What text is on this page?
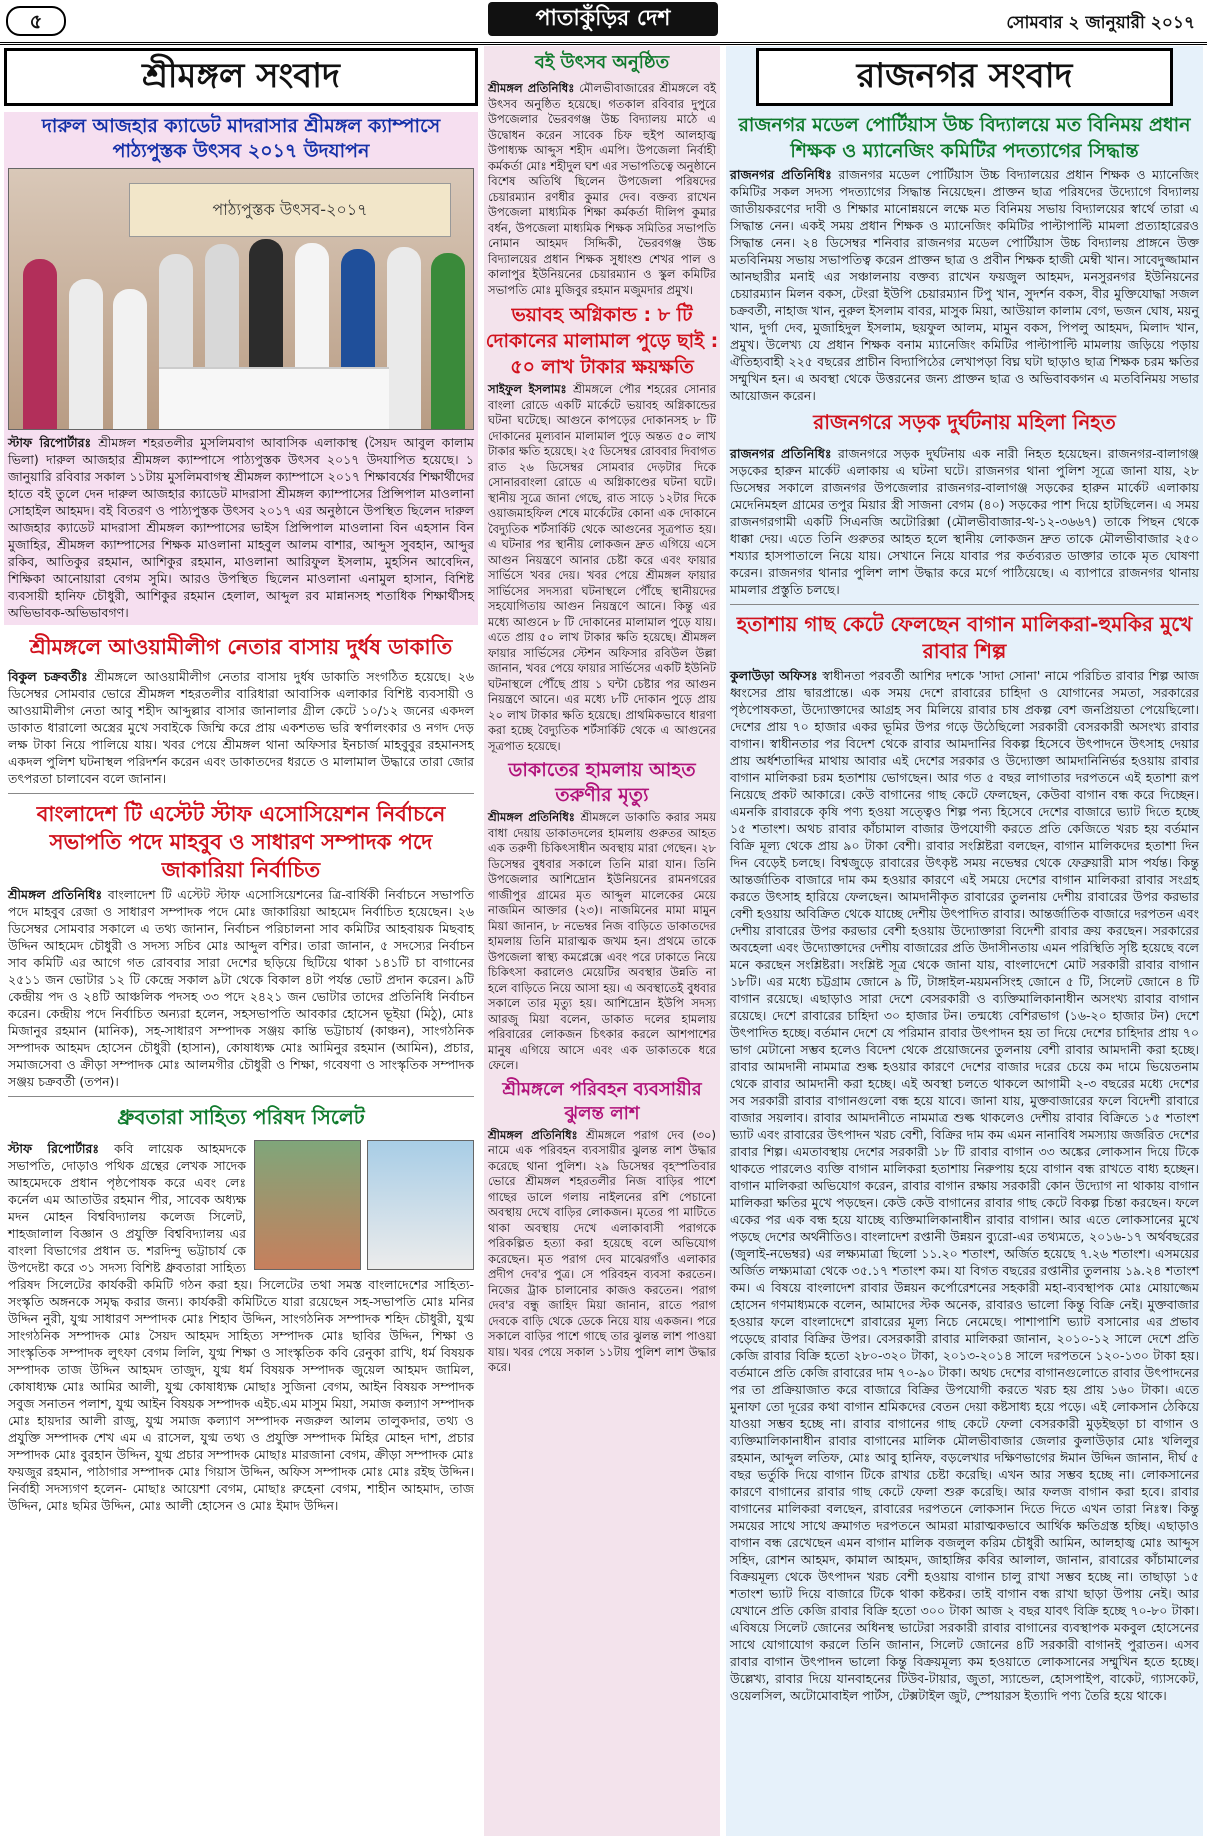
৫	পাতাকুঁড়ির দেশ	সোমবার ২ জানুয়ারী ২০১৭
শ্রীমঙ্গল সংবাদ
দারুল আজহার ক্যাডেট মাদরাসার শ্রীমঙ্গল ক্যাম্পাসে পাঠ্যপুস্তক উৎসব ২০১৭ উদযাপন
পাঠ্যপুস্তক উৎসব-২০১৭

স্টাফ রিপোর্টারঃ শ্রীমঙ্গল শহরতলীর মুসলিমবাগ আবাসিক এলাকাস্থ (সৈয়দ আবুল কালাম ভিলা) দারুল আজহার শ্রীমঙ্গল ক্যাম্পাসে পাঠ্যপুস্তক উৎসব ২০১৭ উদযাপিত হয়েছে। ১ জানুয়ারি রবিবার সকাল ১১টায় মুসলিমবাগস্থ শ্রীমঙ্গল ক্যাম্পাসে ২০১৭ শিক্ষাবর্ষের শিক্ষার্থীদের হাতে বই তুলে দেন দারুল আজহার ক্যাডেট মাদরাসা শ্রীমঙ্গল ক্যাম্পাসের প্রিন্সিপাল মাওলানা সোহাইল আহমদ। বই বিতরণ ও পাঠ্যপুস্তক উৎসব ২০১৭ এর অনুষ্ঠানে উপস্থিত ছিলেন দারুল আজহার ক্যাডেট মাদরাসা শ্রীমঙ্গল ক্যাম্পাসের ভাইস প্রিন্সিপাল মাওলানা বিন এহসান বিন মুজাহির, শ্রীমঙ্গল ক্যাম্পাসের শিক্ষক মাওলানা মাহবুল আলম বাশার, আব্দুস সুবহান, আব্দুর রকিব, আতিকুর রহমান, আশিকুর রহমান, মাওলানা আরিফুল ইসলাম, মুহসিন আবেদিন, শিক্ষিকা আনোয়ারা বেগম সুমি। আরও উপস্থিত ছিলেন মাওলানা এনামুল হাসান, বিশিষ্ট ব্যবসায়ী হানিফ চৌধুরী, আশিকুর রহমান হেলাল, আব্দুল রব মান্নানসহ শতাধিক শিক্ষার্থীসহ অভিভাবক-অভিভাবগণ।

শ্রীমঙ্গলে আওয়ামীলীগ নেতার বাসায় দুর্ধষ ডাকাতি

বিকুল চক্রবর্তীঃ শ্রীমঙ্গলে আওয়ামীলীগ নেতার বাসায় দুর্ধষ ডাকাতি সংগঠিত হয়েছে। ২৬ ডিসেম্বর সোমবার ভোরে শ্রীমঙ্গল শহরতলীর বারিধারা আবাসিক এলাকার বিশিষ্ট ব্যবসায়ী ও আওয়ামীলীগ নেতা আবু শহীদ আব্দুল্লার বাসার জানালার গ্রীল কেটে ১০/১২ জনের একদল ডাকাত ধারালো অস্ত্রের মুখে সবাইকে জিম্মি করে প্রায় একশতভ ভরি স্বর্ণালংকার ও নগদ দেড় লক্ষ টাকা নিয়ে পালিয়ে যায়। খবর পেয়ে শ্রীমঙ্গল থানা অফিসার ইনচার্জ মাহবুবুর রহমানসহ একদল পুলিশ ঘটনাস্থল পরিদর্শন করেন এবং ডাকাতদের ধরতে ও মালামাল উদ্ধারে তারা জোর তৎপরতা চালাবেন বলে জানান।

বাংলাদেশ টি এস্টেট স্টাফ এসোসিয়েশন নির্বাচনে সভাপতি পদে মাহবুব ও সাধারণ সম্পাদক পদে জাকারিয়া নির্বাচিত

শ্রীমঙ্গল প্রতিনিধিঃ বাংলাদেশ টি এস্টেট স্টাফ এসোসিয়েশনের ত্রি-বার্ষিকী নির্বাচনে সভাপতি পদে মাহবুব রেজা ও সাধারণ সম্পাদক পদে মোঃ জাকারিয়া আহমেদ নির্বাচিত হয়েছেন। ২৬ ডিসেম্বর সোমবার সকালে এ তথ্য জানান, নির্বাচন পরিচালনা সাব কমিটির আহবায়ক মিছবাহ উদ্দিন আহমেদ চৌধুরী ও সদস্য সচিব মোঃ আব্দুল বশির। তারা জানান, ৫ সদস্যের নির্বাচন সাব কমিটি এর আগে গত রোববার সারা দেশের ছড়িয়ে ছিটিয়ে থাকা ১৪১টি চা বাগানের ২৫১১ জন ভোটার ১২ টি কেন্দ্রে সকাল ৯টা থেকে বিকাল ৪টা পর্যন্ত ভোট প্রদান করেন। ৯টি কেন্দ্রীয় পদ ও ২৪টি আঞ্চলিক পদসহ ৩৩ পদে ২৪২১ জন ভোটার তাদের প্রতিনিধি নির্বাচন করেন। কেন্দ্রীয় পদে নির্বাচিত অন্যরা হলেন, সহসভাপতি আবকার হোসেন ভূইয়া (মিঠু), মোঃ মিজানুর রহমান (মানিক), সহ-সাধারণ সম্পাদক সঞ্জয় কান্তি ভট্টাচার্য (কাঞ্চন), সাংগঠনিক সম্পাদক আহমদ হোসেন চৌধুরী (হাসান), কোষাধ্যক্ষ মোঃ আমিনুর রহমান (আমিন), প্রচার, সমাজসেবা ও ক্রীড়া সম্পাদক মোঃ আলমগীর চৌধুরী ও শিক্ষা, গবেষণা ও সাংস্কৃতিক সম্পাদক সঞ্জয় চক্রবর্তী (তপন)।

ধ্রুবতারা সাহিত্য পরিষদ সিলেট

স্টাফ রিপোর্টারঃ কবি লায়েক আহমদকে সভাপতি, দোড়াও পথিক গ্রন্থের লেখক সাদেক আহমেদকে প্রধান পৃষ্ঠপোষক করে এবং লেঃ কর্নেল এম আতাউর রহমান পীর, সাবেক অধ্যক্ষ মদন মোহন বিশ্ববিদ্যালয় কলেজ সিলেট, শাহজালাল বিজ্ঞান ও প্রযুক্তি বিশ্ববিদ্যালয় এর বাংলা বিভাগের প্রধান ড. শরদিন্দু ভট্টাচার্য কে উপদেষ্টা করে ৩১ সদস্য বিশিষ্ট ধ্রুবতারা সাহিত্য পরিষদ সিলেটের কার্যকরী কমিটি গঠন করা হয়। সিলেটের তথা সমস্ত বাংলাদেশের সাহিত্য-সংস্কৃতি অঙ্গনকে সমৃদ্ধ করার জন্য। কার্যকরী কমিটিতে যারা রয়েছেন সহ-সভাপতি মোঃ মনির উদ্দিন নুরী, যুগ্ম সাধারণ সম্পাদক মোঃ শিহাব উদ্দিন, সাংগঠনিক সম্পাদক শহিদ চৌধুরী, যুগ্ম সাংগঠনিক সম্পাদক মোঃ সৈয়দ আহমদ সাহিত্য সম্পাদক মোঃ ছাবির উদ্দিন, শিক্ষা ও সাংস্কৃতিক সম্পাদক লুৎফা বেগম লিলি, যুগ্ম শিক্ষা ও সাংস্কৃতিক কবি রেনুকা রাখি, ধর্ম বিষয়ক সম্পাদক তাজ উদ্দিন আহমদ তাজুদ, যুগ্ম ধর্ম বিষয়ক সম্পাদক জুয়েল আহমদ জামিল, কোষাধ্যক্ষ মোঃ আমির আলী, যুগ্ম কোষাধ্যক্ষ মোছাঃ সুজিনা বেগম, আইন বিষয়ক সম্পাদক সবুজ সনাতন পলাশ, যুগ্ম আইন বিষয়ক সম্পাদক এইচ.এম মাসুম মিয়া, সমাজ কল্যাণ সম্পাদক মোঃ হায়দার আলী রাজু, যুগ্ম সমাজ কল্যাণ সম্পাদক নজরুল আলম তালুকদার, তথ্য ও প্রযুক্তি সম্পাদক শেখ এম এ রাসেল, যুগ্ম তথ্য ও প্রযুক্তি সম্পাদক মিহির মোহন দাশ, প্রচার সম্পাদক মোঃ বুরহান উদ্দিন, যুগ্ম প্রচার সম্পাদক মোছাঃ মারজানা বেগম, ক্রীড়া সম্পাদক মোঃ ফয়জুর রহমান, পাঠাগার সম্পাদক মোঃ গিয়াস উদ্দিন, অফিস সম্পাদক মোঃ মোঃ রইছ উদ্দিন। নির্বাহী সদস্যগণ হলেন- মোছাঃ আয়েশা বেগম, মোছাঃ রুহেনা বেগম, শাহীন আহমাদ, তাজ উদ্দিন, মোঃ ছমির উদ্দিন, মোঃ আলী হোসেন ও মোঃ ইমাদ উদ্দিন।

বই উৎসব অনুষ্ঠিত

শ্রীমঙ্গল প্রতিনিধিঃ মৌলভীবাজারের শ্রীমঙ্গলে বই উৎসব অনুষ্ঠিত হয়েছে। গতকাল রবিবার দুপুরে উপজেলার ভৈরবগঞ্জ উচ্চ বিদ্যালয় মাঠে এ উদ্বোধন করেন সাবেক চিফ হুইপ আলহাজ্ব উপাধ্যক্ষ আব্দুস শহীদ এমপি। উপজেলা নির্বাহী কর্মকর্তা মোঃ শহীদুল ঘশ এর সভাপতিত্বে অনুষ্ঠানে বিশেষ অতিথি ছিলেন উপজেলা পরিষদের চেয়ারম্যান রণধীর কুমার দেব। বক্তব্য রাখেন উপজেলা মাধ্যমিক শিক্ষা কর্মকর্তা দীলিপ কুমার বর্ধন, উপজেলা মাধ্যমিক শিক্ষক সমিতির সভাপতি নোমান আহমদ সিদ্দিকী, ভৈরবগঞ্জ উচ্চ বিদ্যালয়ের প্রধান শিক্ষক সুধাংশু শেখর পাল ও কালাপুর ইউনিয়নের চেয়ারম্যান ও স্কুল কমিটির সভাপতি মোঃ মুজিবুর রহমান মজুমদার প্রমুখ।

ভয়াবহ অগ্নিকান্ড : ৮ টি দোকানের মালামাল পুড়ে ছাই : ৫০ লাখ টাকার ক্ষয়ক্ষতি

সাইফুল ইসলামঃ শ্রীমঙ্গলে পৌর শহরের সোনার বাংলা রোডে একটি মার্কেটে ভয়াবহ অগ্নিকান্ডের ঘটনা ঘটেছে। আগুনে কাপড়ের দোকানসহ ৮ টি দোকানের মূল্যবান মালামাল পুড়ে অন্তত ৫০ লাখ টাকার ক্ষতি হয়েছে। ২৫ ডিসেম্বর রোববার দিবাগত রাত ২৬ ডিসেম্বর সোমবার দেড়টার দিকে সোনারবাংলা রোডে এ অগ্নিকাণ্ডের ঘটনা ঘটে। স্থানীয় সূত্রে জানা গেছে, রাত সাড়ে ১২টার দিকে ওয়াজমাহফিল শেষে মার্কেটের কোনা এক দোকানে বৈদ্যুতিক শর্টসার্কিট থেকে আগুনের সূত্রপাত হয়। এ ঘটনার পর স্থানীয় লোকজন দ্রুত এগিয়ে এসে আগুন নিয়ন্ত্রণে আনার চেষ্টা করে এবং ফায়ার সার্ভিসে খবর দেয়। খবর পেয়ে শ্রীমঙ্গল ফায়ার সার্ভিসের সদস্যরা ঘটনাস্থলে পৌঁছে স্থানীয়দের সহযোগিতায় আগুন নিয়ন্ত্রণে আনে। কিন্তু এর মধ্যে আগুনে ৮ টি দোকানের মালামাল পুড়ে যায়। এতে প্রায় ৫০ লাখ টাকার ক্ষতি হয়েছে। শ্রীমঙ্গল ফায়ার সার্ভিসের স্টেশন অফিসার রবিউল উল্লা জানান, খবর পেয়ে ফায়ার সার্ভিসের একটি ইউনিট ঘটনাস্থলে পৌঁছে প্রায় ১ ঘন্টা চেষ্টার পর আগুন নিয়ন্ত্রণে আনে। এর মধ্যে ৮টি দোকান পুড়ে প্রায় ২০ লাখ টাকার ক্ষতি হয়েছে। প্রাথমিকভাবে ধারণা করা হচ্ছে বৈদ্যুতিক শর্টসার্কিট থেকে এ আগুনের সূত্রপাত হয়েছে।

ডাকাতের হামলায় আহত তরুণীর মৃত্যু

শ্রীমঙ্গল প্রতিনিধিঃ শ্রীমঙ্গলে ডাকাতি করার সময় বাধা দেয়ায় ডাকাতদলের হামলায় গুরুতর আহত এক তরুণী চিকিৎসাধীন অবস্থায় মারা গেছেন। ২৮ ডিসেম্বর বুধবার সকালে তিনি মারা যান। তিনি উপজেলার আশিদ্রোন ইউনিয়নের রামনগরের গাজীপুর গ্রামের মৃত আব্দুল মালেকের মেয়ে নাজমিন আক্তার (২৩)। নাজমিনের মামা মামুন মিয়া জানান, ৮ নভেম্বর নিজ বাড়িতে ডাকাতদের হামলায় তিনি মারাত্মক জখম হন। প্রথমে তাকে উপজেলা স্বাস্থ্য কমপ্লেক্সে এবং পরে ঢাকাতে নিয়ে চিকিৎসা করালেও মেয়েটির অবস্থার উন্নতি না হলে বাড়িতে নিয়ে আসা হয়। এ অবস্থাতেই বুধবার সকালে তার মৃত্যু হয়। আশিদ্রোন ইউপি সদস্য আরজু মিয়া বলেন, ডাকাত দলের হামলায় পরিবারের লোকজন চিৎকার করলে আশপাশের মানুষ এগিয়ে আসে এবং এক ডাকাতকে ধরে ফেলে।

শ্রীমঙ্গলে পরিবহন ব্যবসায়ীর ঝুলন্ত লাশ

শ্রীমঙ্গল প্রতিনিধিঃ শ্রীমঙ্গলে পরাগ দেব (৩০) নামে এক পরিবহন ব্যবসায়ীর ঝুলন্ত লাশ উদ্ধার করেছে থানা পুলিশ। ২৯ ডিসেম্বর বৃহস্পতিবার ভোরে শ্রীমঙ্গল শহরতলীর নিজ বাড়ির পাশে গাছের ডালে গলায় নাইলনের রশি পেচানো অবস্থায় দেখে বাড়ির লোকজন। মৃতের পা মাটিতে থাকা অবস্থায় দেখে এলাকাবাসী পরাগকে পরিকল্পিত হত্যা করা হয়েছে বলে অভিযোগ করেছেন। মৃত পরাগ দেব মাঝেরগাঁও এলাকার প্রদীপ দেব'র পুত্র। সে পরিবহন ব্যবসা করতেন। নিজের ট্রাক চালানোর কাজও করতেন। পরাগ দেব'র বন্ধু জাহিদ মিয়া জানান, রাতে পরাগ দেবকে বাড়ি থেকে ডেকে নিয়ে যায় একজন। পরে সকালে বাড়ির পাশে গাছে তার ঝুলন্ত লাশ পাওয়া যায়। খবর পেয়ে সকাল ১১টায় পুলিশ লাশ উদ্ধার করে।

রাজনগর সংবাদ
রাজনগর মডেল পোর্টিয়াস উচ্চ বিদ্যালয়ে মত বিনিময় প্রধান শিক্ষক ও ম্যানেজিং কমিটির পদত্যাগের সিদ্ধান্ত

রাজনগর প্রতিনিধিঃ রাজনগর মডেল পোর্টিয়াস উচ্চ বিদ্যালয়ের প্রধান শিক্ষক ও ম্যানেজিং কমিটির সকল সদস্য পদত্যাগের সিদ্ধান্ত নিয়েছেন। প্রাক্তন ছাত্র পরিষদের উদ্যোগে বিদ্যালয় জাতীয়করণের দাবী ও শিক্ষার মানোন্নয়নে লক্ষে মত বিনিময় সভায় বিদ্যালয়ের স্বার্থে তারা এ সিদ্ধান্ত নেন। একই সময় প্রধান শিক্ষক ও ম্যানেজিং কমিটির পাল্টাপাল্টি মামলা প্রত্যাহারেরও সিদ্ধান্ত নেন। ২৪ ডিসেম্বর শনিবার রাজনগর মডেল পোর্টিয়াস উচ্চ বিদ্যালয় প্রাঙ্গনে উক্ত মতবিনিময় সভায় সভাপতিত্ব করেন প্রাক্তন ছাত্র ও প্রবীন শিক্ষক হাজী মেম্বী খান। সাবেদুজ্জামান আনছারীর মনাই এর সঞ্চালনায় বক্তব্য রাখেন ফয়জুল আহমদ, মনসুরনগর ইউনিয়নের চেয়ারম্যান মিলন বকস, টেংরা ইউপি চেয়ারম্যান টিপু খান, সুদর্শন বকস, বীর মুক্তিযোদ্ধা সজল চক্রবর্তী, নাহাজ খান, নুরুল ইসলাম বাবর, মাসুক মিয়া, আউয়াল কালাম বেগ, ভজন ঘোষ, ময়নু খান, দুর্গা দেব, মুজাহিদুল ইসলাম, ছয়ফুল আলম, মামুন বকস, পিপলু আহমদ, মিলাদ খান, প্রমুখ। উলেখ্য যে প্রধান শিক্ষক বনাম ম্যানেজিং কমিটির পাল্টাপাল্টি মামলায় জড়িয়ে পড়ায় ঐতিহ্যবাহী ২২৫ বছরের প্রাচীন বিদ্যাপিঠের লেখাপড়া বিঘ্ন ঘটা ছাড়াও ছাত্র শিক্ষক চরম ক্ষতির সম্মুখিন হন। এ অবস্থা থেকে উত্তরনের জন্য প্রাক্তন ছাত্র ও অভিবাবকগন এ মতবিনিময় সভার আয়োজন করেন।

রাজনগরে সড়ক দুর্ঘটনায় মহিলা নিহত

রাজনগর প্রতিনিধিঃ রাজনগরে সড়ক দুর্ঘটনায় এক নারী নিহত হয়েছেন। রাজনগর-বালাগঞ্জ সড়কের হারুন মার্কেট এলাকায় এ ঘটনা ঘটে। রাজনগর থানা পুলিশ সূত্রে জানা যায়, ২৮ ডিসেম্বর সকালে রাজনগর উপজেলার রাজনগর-বালাগঞ্জ সড়কের হারুন মার্কেট এলাকায় মেদেনিমহল গ্রামের তপুর মিয়ার স্ত্রী সাজনা বেগম (৪০) সড়কের পাশ দিয়ে হাটছিলেন। এ সময় রাজনগরগামী একটি সিএনজি অটোরিক্সা (মৌলভীবাজার-থ-১২-৩৬৬৭) তাকে পিছন থেকে ধাক্কা দেয়। এতে তিনি গুরুতর আহত হলে স্থানীয় লোকজন দ্রুত তাকে মৌলভীবাজার ২৫০ শয্যার হাসপাতালে নিয়ে যায়। সেখানে নিয়ে যাবার পর কর্তব্যরত ডাক্তার তাকে মৃত ঘোষণা করেন। রাজনগর থানার পুলিশ লাশ উদ্ধার করে মর্গে পাঠিয়েছে। এ ব্যাপারে রাজনগর থানায় মামলার প্রস্তুতি চলছে।

হতাশায় গাছ কেটে ফেলছেন বাগান মালিকরা-হুমকির মুখে রাবার শিল্প

কুলাউড়া অফিসঃ স্বাধীনতা পরবর্তী আশির দশকে 'সাদা সোনা' নামে পরিচিত রাবার শিল্প আজ ধ্বংসের প্রায় দ্বারপ্রান্তে। এক সময় দেশে রাবারের চাহিদা ও যোগানের সমতা, সরকারের পৃষ্ঠপোষকতা, উদ্যোক্তাদের আগ্রহ সব মিলিয়ে রাবার চাষ প্রকল্প বেশ জনপ্রিয়তা পেয়েছিলো। দেশের প্রায় ৭০ হাজার একর ভূমির উপর গড়ে উঠেছিলো সরকারী বেসরকারী অসংখ্য রাবার বাগান। স্বাধীনতার পর বিদেশ থেকে রাবার আমদানির বিকল্প হিসেবে উৎপাদনে উৎসাহ দেয়ার প্রায় অর্ধশতাব্দির মাথায় আবার এই দেশের সরকার ও উদ্যোক্তা আমদানিনির্ভর হওয়ায় রাবার বাগান মালিকরা চরম হতাশায় ভোগছেন। আর গত ৫ বছর লাগাতার দরপতনে এই হতাশা রূপ নিয়েছে প্রকট আকারে। কেউ বাগানের গাছ কেটে ফেলছেন, কেউবা বাগান বন্ধ করে দিচ্ছেন। এমনকি রাবারকে কৃষি পণ্য হওয়া সত্ত্বেও শিল্প পন্য হিসেবে দেশের বাজারে ভ্যাট দিতে হচ্ছে ১৫ শতাংশ। অথচ রাবার কাঁচামাল বাজার উপযোগী করতে প্রতি কেজিতে খরচ হয় বর্তমান বিক্রি মূল্য থেকে প্রায় ৯০ টাকা বেশী। রাবার সংশ্লিষ্টরা বলছেন, বাগান মালিকদের হতাশা দিন দিন বেড়েই চলছে। বিশ্বজুড়ে রাবারের উৎকৃষ্ট সময় নভেম্বর থেকে ফেব্রুয়ারী মাস পর্যন্ত। কিন্তু আন্তর্জাতিক বাজারে দাম কম হওয়ার কারণে এই সময়ে দেশের বাগান মালিকরা রাবার সংগ্রহ করতে উৎসাহ হারিয়ে ফেলছেন। আমদানীকৃত রাবারের তুলনায় দেশীয় রাবারের উপর করভার বেশী হওয়ায় অবিক্রিত থেকে যাচ্ছে দেশীয় উৎপাদিত রাবার। আন্তর্জাতিক বাজারে দরপতন এবং দেশীয় রাবারের উপর করভার বেশী হওয়ায় উদ্যোক্তারা বিদেশী রাবার ক্রয় করছেন। সরকারের অবহেলা এবং উদ্যোক্তাদের দেশীয় বাজারের প্রতি উদাসীনতায় এমন পরিস্থিতি সৃষ্টি হয়েছে বলে মনে করছেন সংশ্লিষ্টরা। সংশ্লিষ্ট সূত্র থেকে জানা যায়, বাংলাদেশে মোট সরকারী রাবার বাগান ১৮টি। এর মধ্যে চট্টগ্রাম জোনে ৯ টি, টাঙ্গাইল-ময়মনসিংহ জোনে ৫ টি, সিলেট জোনে ৪ টি বাগান রয়েছে। এছাড়াও সারা দেশে বেসরকারী ও ব্যক্তিমালিকানাধীন অসংখ্য রাবার বাগান রয়েছে। দেশে রাবারের চাহিদা ৩০ হাজার টন। তন্মধ্যে বেশিরভাগ (১৬-২০ হাজার টন) দেশে উৎপাদিত হচ্ছে। বর্তমান দেশে যে পরিমান রাবার উৎপাদন হয় তা দিয়ে দেশের চাহিদার প্রায় ৭০ ভাগ মেটানো সম্ভব হলেও বিদেশ থেকে প্রয়োজনের তুলনায় বেশী রাবার আমদানী করা হচ্ছে। রাবার আমদানী নামমাত্র শুল্ক হওয়ার কারণে দেশের বাজার দরের চেয়ে কম দামে ভিয়েতনাম থেকে রাবার আমদানী করা হচ্ছে। এই অবস্থা চলতে থাকলে আগামী ২-৩ বছরের মধ্যে দেশের সব সরকারী রাবার বাগানগুলো বন্ধ হয়ে যাবে। জানা যায়, মুক্তবাজারের ফলে বিদেশী রাবারে বাজার সয়লাব। রাবার আমদানীতে নামমাত্র শুল্ক থাকলেও দেশীয় রাবার বিক্রিতে ১৫ শতাংশ ভ্যাট এবং রাবারের উৎপাদন খরচ বেশী, বিক্রির দাম কম এমন নানাবিধ সমস্যায় জর্জরিত দেশের রাবার শিল্প। এমতাবস্থায় দেশের সরকারী ১৮ টি রাবার বাগান ৩৩ অঙ্কের লোকসান দিয়ে টিকে থাকতে পারলেও ব্যক্তি বাগান মালিকরা হতাশায় নিরুপায় হয়ে বাগান বন্ধ রাখতে বাধ্য হচ্ছেন। বাগান মালিকরা অভিযোগ করেন, রাবার বাগান রক্ষায় সরকারী কোন উদ্যোগ না থাকায় বাগান মালিকরা ক্ষতির মুখে পড়ছেন। কেউ কেউ বাগানের রাবার গাছ কেটে বিকল্প চিন্তা করছেন। ফলে একের পর এক বন্ধ হয়ে যাচ্ছে ব্যক্তিমালিকানাধীন রাবার বাগান। আর এতে লোকসানের মুখে পড়ছে দেশের অর্থনীতিও। বাংলাদেশ রপ্তানী উন্নয়ন ব্যুরো-এর তথ্যমতে, ২০১৬-১৭ অর্থবছরের (জুলাই-নভেম্বর) এর লক্ষ্যমাত্রা ছিলো ১১.২০ শতাংশ, অর্জিত হয়েছে ৭.২৬ শতাংশ। এসময়ের অর্জিত লক্ষ্যমাত্রা থেকে ৩৫.১৭ শতাংশ কম। যা বিগত বছরের রপ্তানীর তুলনায় ১৯.২৪ শতাংশ কম। এ বিষয়ে বাংলাদেশ রাবার উন্নয়ন কর্পোরেশনের সহকারী মহা-ব্যবস্থাপক মোঃ মোয়াজ্জেম হোসেন গণমাধ্যমকে বলেন, আমাদের স্টক অনেক, রাবারও ভালো কিন্তু বিক্রি নেই। মুক্তবাজার হওয়ার ফলে বাংলাদেশে রাবারের মূল্য নিচে নেমেছে। পাশাপাশি ভ্যাট বসানোর এর প্রভাব পড়েছে রাবার বিক্রির উপর। বেসরকারী রাবার মালিকরা জানান, ২০১০-১২ সালে দেশে প্রতি কেজি রাবার বিক্রি হতো ২৮০-৩২০ টাকা, ২০১৩-২০১৪ সালে দরপতনে ১২০-১৩০ টাকা হয়। বর্তমানে প্রতি কেজি রাবারের দাম ৭০-৯০ টাকা। অথচ দেশের বাগানগুলোতে রাবার উৎপাদনের পর তা প্রক্রিয়াজাত করে বাজারে বিক্রির উপযোগী করতে খরচ হয় প্রায় ১৬০ টাকা। এতে মুনাফা তো দূরের কথা বাগান শ্রমিকদের বেতন দেয়া কষ্টসাধ্য হয়ে পড়ে। এই লোকসান ঠেকিয়ে যাওয়া সম্ভব হচ্ছে না। রাবার বাগানের গাছ কেটে ফেলা বেসরকারী মুড়ইছড়া চা বাগান ও ব্যক্তিমালিকানাধীন রাবার বাগানের মালিক মৌলভীবাজার জেলার কুলাউড়ার মোঃ খলিলুর রহমান, আব্দুল লতিফ, মোঃ আবু হানিফ, বড়লেখার দক্ষিণভাগের ঈমান উদ্দিন জানান, দীর্ঘ ৫ বছর ভর্তুকি দিয়ে বাগান টিকে রাখার চেষ্টা করেছি। এখন আর সম্ভব হচ্ছে না। লোকসানের কারণে বাগানের রাবার গাছ কেটে ফেলা শুরু করেছি। আর ফলজ বাগান করা হবে। রাবার বাগানের মালিকরা বলছেন, রাবারের দরপতনে লোকসান দিতে দিতে এখন তারা নিঃস্ব। কিন্তু সময়ের সাথে সাথে ক্রমাগত দরপতনে আমরা মারাত্মকভাবে আর্থিক ক্ষতিগ্রস্ত হচ্ছি। এছাড়াও বাগান বন্ধ রেখেছেন এমন বাগান মালিক বজলুল করিম চৌধুরী আমিন, আলহাজ্ব মোঃ আব্দুস সহিদ, রোশন আহমদ, কামাল আহমদ, জাহাঙ্গির কবির আলাল, জানান, রাবারের কাঁচামালের বিক্রয়মূল্য থেকে উৎপাদন খরচ বেশী হওয়ায় বাগান চালু রাখা সম্ভব হচ্ছে না। তাছাড়া ১৫ শতাংশ ভ্যাট দিয়ে বাজারে টিকে থাকা কষ্টকর। তাই বাগান বন্ধ রাখা ছাড়া উপায় নেই। আর যেখানে প্রতি কেজি রাবার বিক্রি হতো ৩০০ টাকা আজ ২ বছর যাবৎ বিক্রি হচ্ছে ৭০-৮০ টাকা। এবিষয়ে সিলেট জোনের অধিনস্থ ভাটেরা সরকারী রাবার বাগানের ব্যবস্থাপক মকবুল হোসেনের সাথে যোগাযোগ করলে তিনি জানান, সিলেট জোনের ৪টি সরকারী বাগানই পুরাতন। এসব রাবার বাগান উৎপাদন ভালো কিন্তু বিক্রয়মূল্য কম হওয়াতে লোকসানের সম্মুখিন হতে হচ্ছে। উল্লেখ্য, রাবার দিয়ে যানবাহনের টিউব-টায়ার, জুতা, স্যান্ডেল, হোসপাইপ, বাকেট, গ্যাসকেট, ওয়েলসিল, অটোমোবাইল পার্টস, টেক্সটাইল জুট, স্পেয়ারস ইত্যাদি পণ্য তৈরি হয়ে থাকে।
